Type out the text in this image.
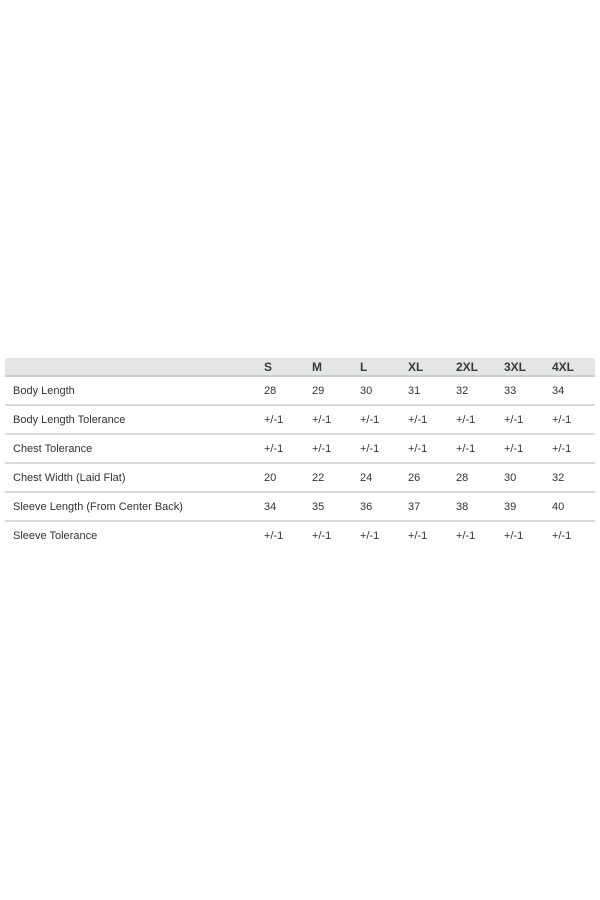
	S	M	L	XL	2XL	3XL	4XL
Body Length	28	29	30	31	32	33	34
Body Length Tolerance	+/-1	+/-1	+/-1	+/-1	+/-1	+/-1	+/-1
Chest Tolerance	+/-1	+/-1	+/-1	+/-1	+/-1	+/-1	+/-1
Chest Width (Laid Flat)	20	22	24	26	28	30	32
Sleeve Length (From Center Back)	34	35	36	37	38	39	40
Sleeve Tolerance	+/-1	+/-1	+/-1	+/-1	+/-1	+/-1	+/-1
